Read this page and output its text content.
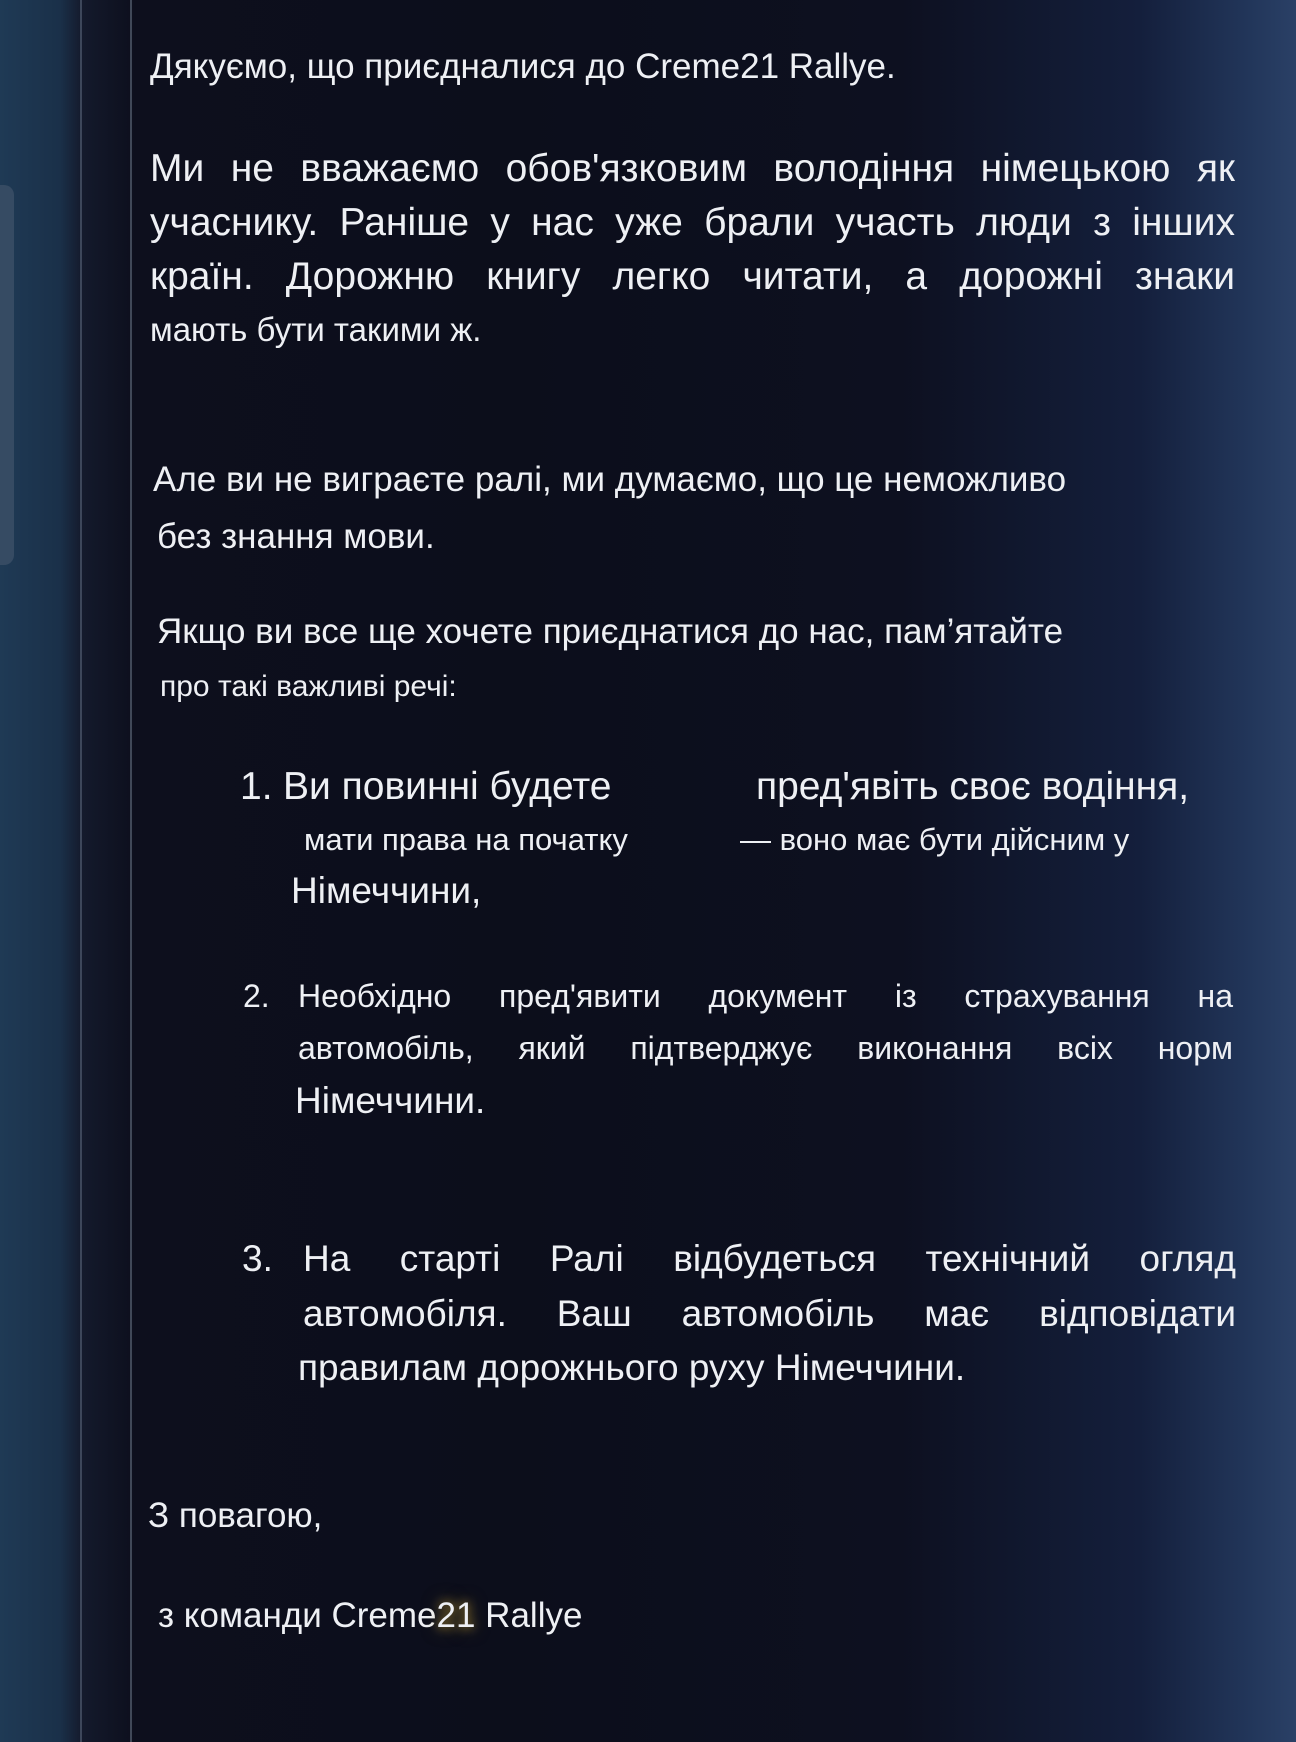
Дякуємо, що приєдналися до Creme21 Rallye.

Ми не вважаємо обов'язковим володіння німецькою як

учаснику. Раніше у нас уже брали участь люди з інших

країн. Дорожню книгу легко читати, а дорожні знаки

мають бути такими ж.

Але ви не виграєте ралі, ми думаємо, що це неможливо

без знання мови.

Якщо ви все ще хочете приєднатися до нас, пам’ятайте

про такі важливі речі:

1. Ви повинні будете	пред'явіть своє водіння,

мати права на початку	— воно має бути дійсним у

Німеччини,

2. Необхідно пред'явити документ із страхування на

автомобіль, який підтверджує виконання всіх норм

Німеччини.

3. На старті Ралі відбудеться технічний огляд

автомобіля. Ваш автомобіль має відповідати

правилам дорожнього руху Німеччини.

З повагою,

з команди Creme21 Rallye
